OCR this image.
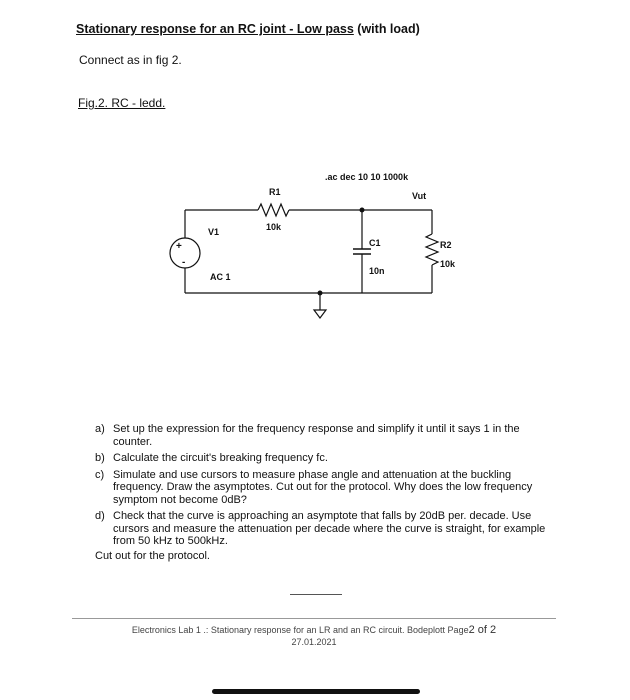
Stationary response for an RC joint - Low pass (with load)
Connect as in fig 2.
Fig.2. RC - ledd.
.ac dec 10 10 1000k
R1
10k
Vut
V1
AC 1
C1
10n
R2
10k
+
-
a) Set up the expression for the frequency response and simplify it until it says 1 in the counter.
b) Calculate the circuit's breaking frequency fc.
c) Simulate and use cursors to measure phase angle and attenuation at the buckling frequency. Draw the asymptotes. Cut out for the protocol. Why does the low frequency symptom not become 0dB?
d) Check that the curve is approaching an asymptote that falls by 20dB per. decade. Use cursors and measure the attenuation per decade where the curve is straight, for example from 50 kHz to 500kHz.
Cut out for the protocol.
Electronics Lab 1 .: Stationary response for an LR and an RC circuit. Bodeplott Page2 of 2
27.01.2021
